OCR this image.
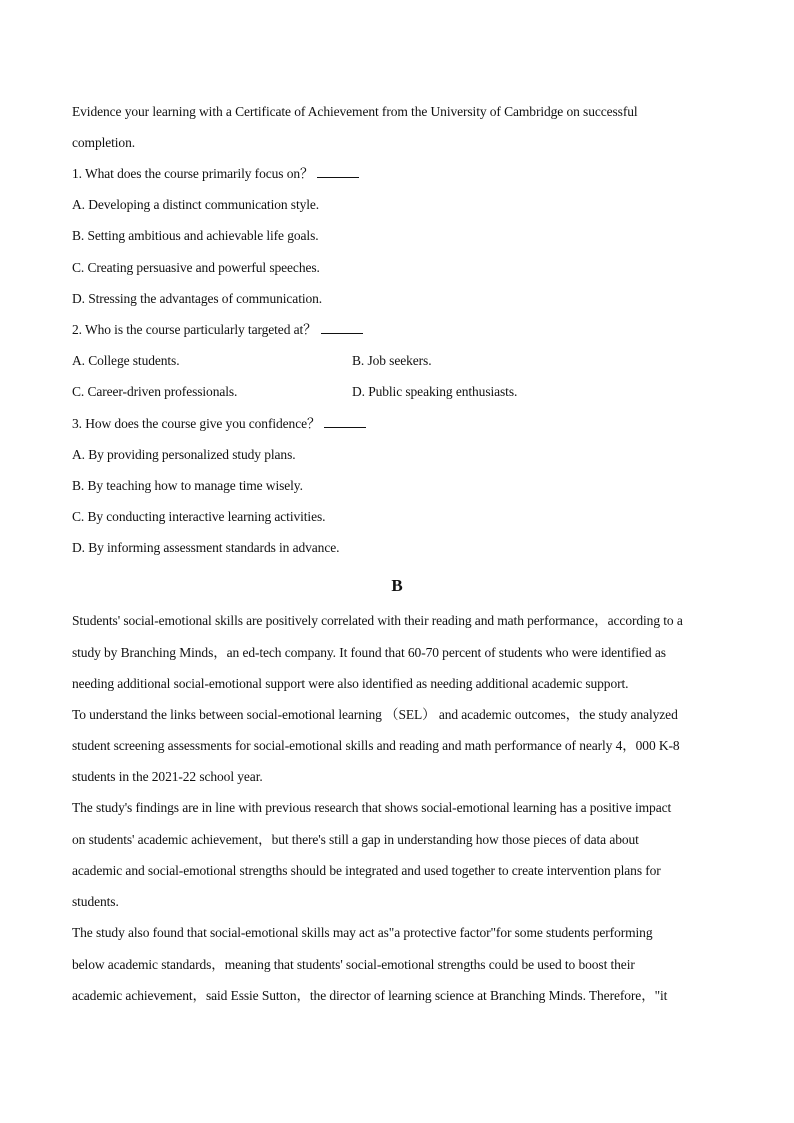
Evidence your learning with a Certificate of Achievement from the University of Cambridge on successful
completion.
1. What does the course primarily focus on？
A. Developing a distinct communication style.
B. Setting ambitious and achievable life goals.
C. Creating persuasive and powerful speeches.
D. Stressing the advantages of communication.
2. Who is the course particularly targeted at？
A. College students.	B. Job seekers.
C. Career-driven professionals.	D. Public speaking enthusiasts.
3. How does the course give you confidence？
A. By providing personalized study plans.
B. By teaching how to manage time wisely.
C. By conducting interactive learning activities.
D. By informing assessment standards in advance.
B
Students' social-emotional skills are positively correlated with their reading and math performance，according to a
study by Branching Minds，an ed-tech company. It found that 60-70 percent of students who were identified as
needing additional social-emotional support were also identified as needing additional academic support.
To understand the links between social-emotional learning （SEL） and academic outcomes，the study analyzed
student screening assessments for social-emotional skills and reading and math performance of nearly 4，000 K-8
students in the 2021-22 school year.
The study's findings are in line with previous research that shows social-emotional learning has a positive impact
on students' academic achievement，but there's still a gap in understanding how those pieces of data about
academic and social-emotional strengths should be integrated and used together to create intervention plans for
students.
The study also found that social-emotional skills may act as"a protective factor"for some students performing
below academic standards，meaning that students' social-emotional strengths could be used to boost their
academic achievement，said Essie Sutton，the director of learning science at Branching Minds. Therefore，"it
